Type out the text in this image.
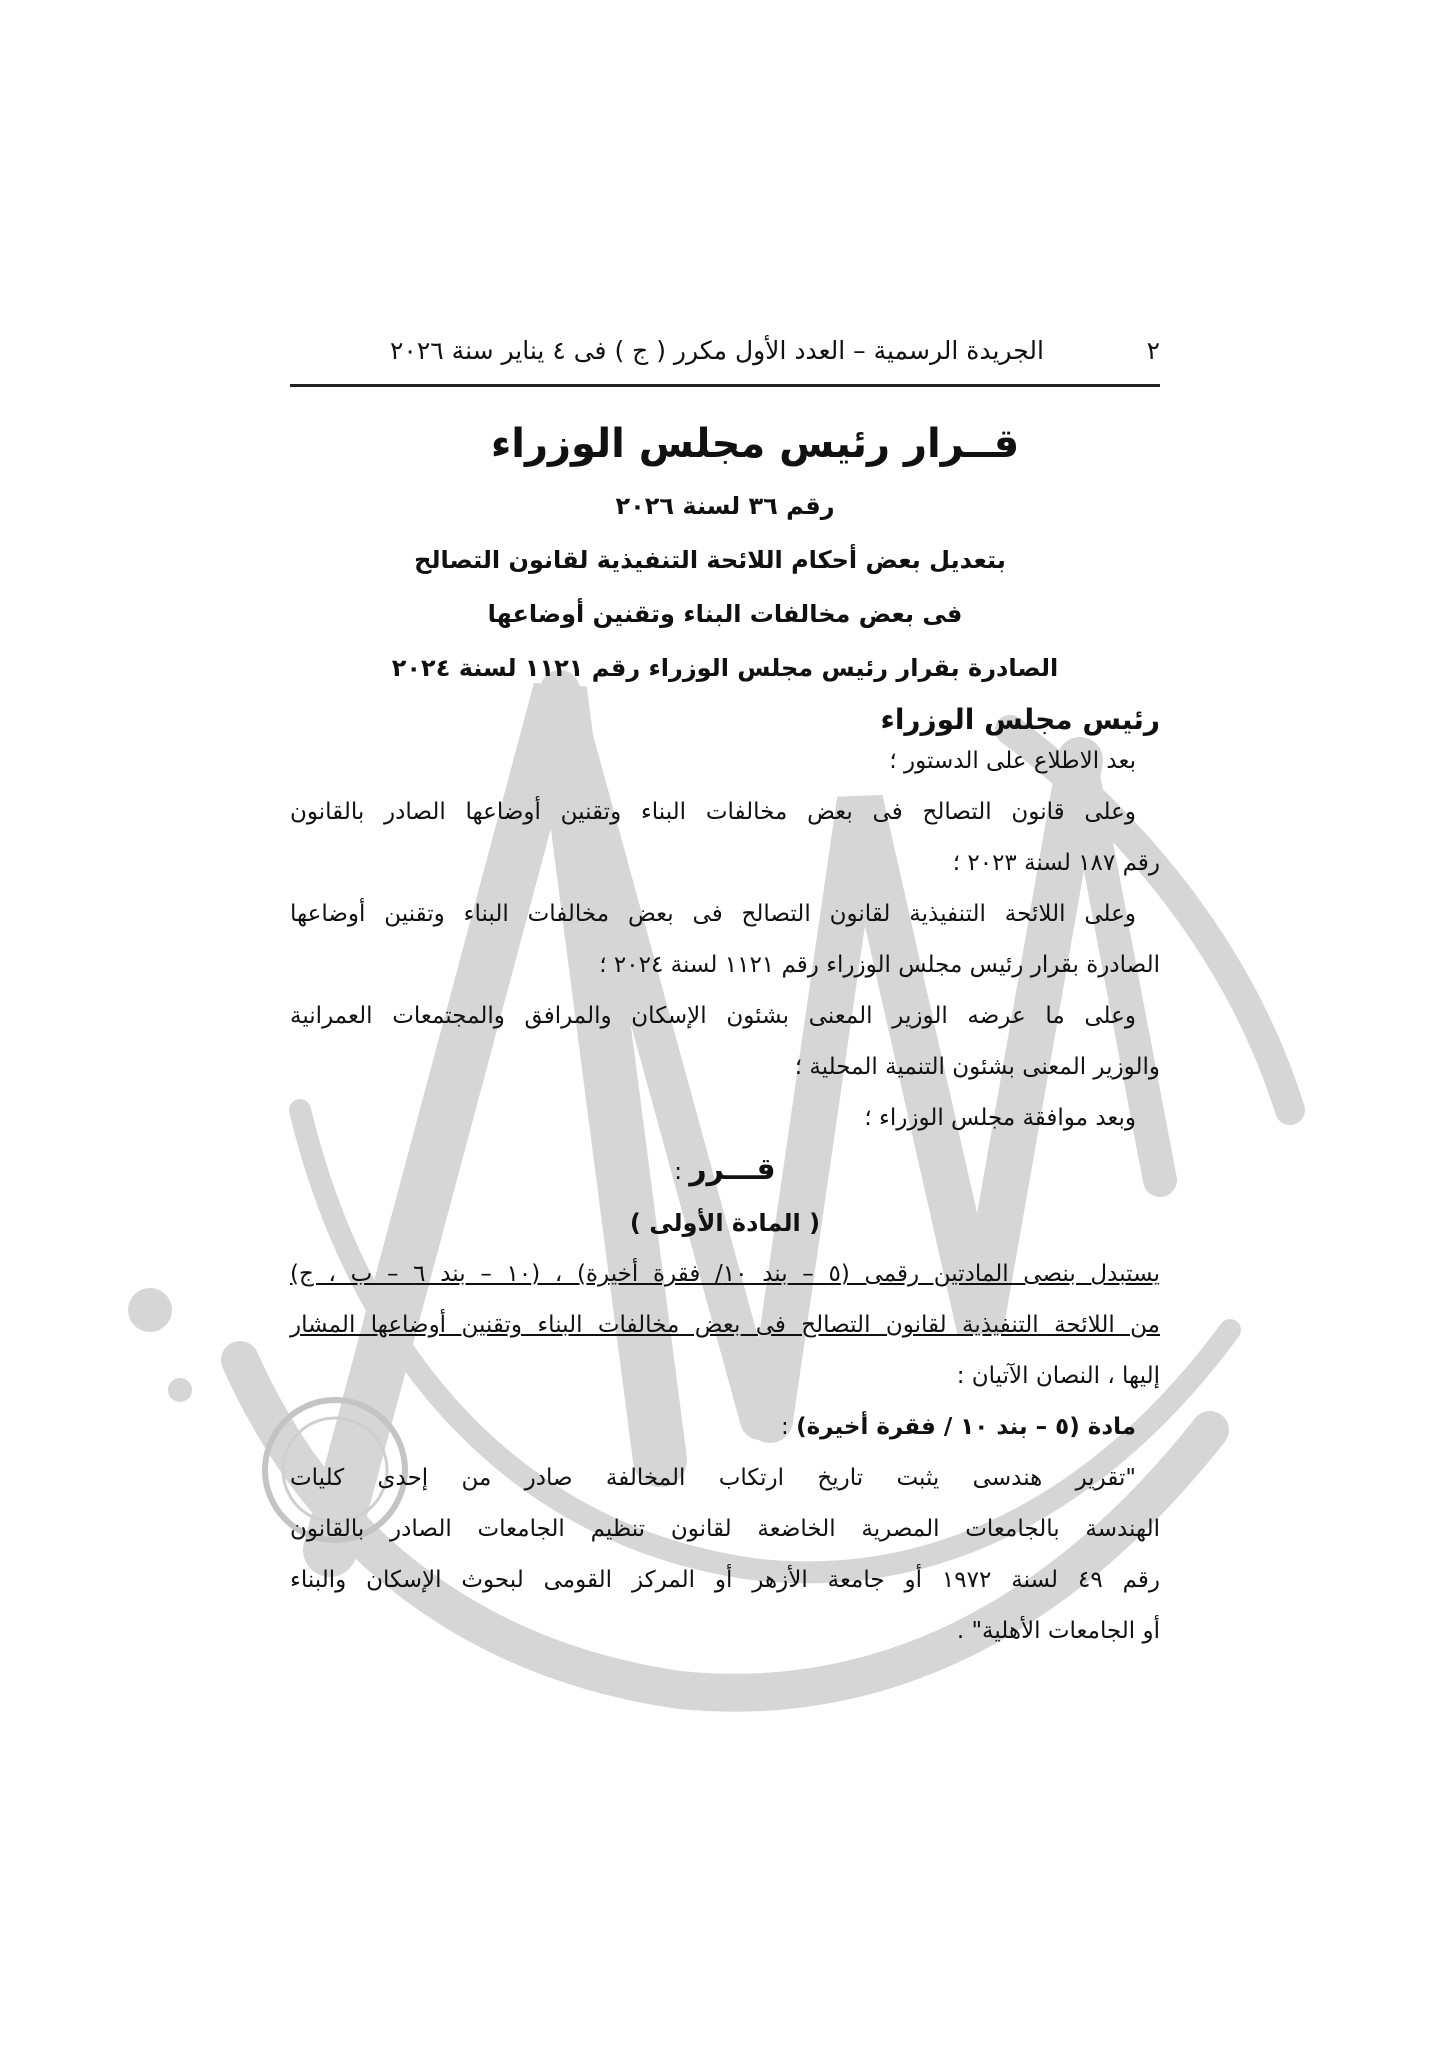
٢
الجريدة الرسمية – العدد الأول مكرر ( ج ) فى ٤ يناير سنة ٢٠٢٦
قــرار رئيس مجلس الوزراء
رقم ٣٦ لسنة ٢٠٢٦
بتعديل بعض أحكام اللائحة التنفيذية لقانون التصالح
فى بعض مخالفات البناء وتقنين أوضاعها
الصادرة بقرار رئيس مجلس الوزراء رقم ١١٢١ لسنة ٢٠٢٤
رئيس مجلس الوزراء

بعد الاطلاع على الدستور ؛

وعلى قانون التصالح فى بعض مخالفات البناء وتقنين أوضاعها الصادر بالقانون

رقم ١٨٧ لسنة ٢٠٢٣ ؛

وعلى اللائحة التنفيذية لقانون التصالح فى بعض مخالفات البناء وتقنين أوضاعها

الصادرة بقرار رئيس مجلس الوزراء رقم ١١٢١ لسنة ٢٠٢٤ ؛

وعلى ما عرضه الوزير المعنى بشئون الإسكان والمرافق والمجتمعات العمرانية

والوزير المعنى بشئون التنمية المحلية ؛

وبعد موافقة مجلس الوزراء ؛

قـــرر :

( المادة الأولى )

يستبدل بنصى المادتين رقمى (٥ – بند ١٠/ فقرة أخيرة) ، (١٠ – بند ٦ – ب ، ج)

من اللائحة التنفيذية لقانون التصالح فى بعض مخالفات البناء وتقنين أوضاعها المشار

إليها ، النصان الآتيان :

مادة (٥ – بند ١٠ / فقرة أخيرة) :

"تقرير هندسى يثبت تاريخ ارتكاب المخالفة صادر من إحدى كليات

الهندسة بالجامعات المصرية الخاضعة لقانون تنظيم الجامعات الصادر بالقانون

رقم ٤٩ لسنة ١٩٧٢ أو جامعة الأزهر أو المركز القومى لبحوث الإسكان والبناء

أو الجامعات الأهلية" .
